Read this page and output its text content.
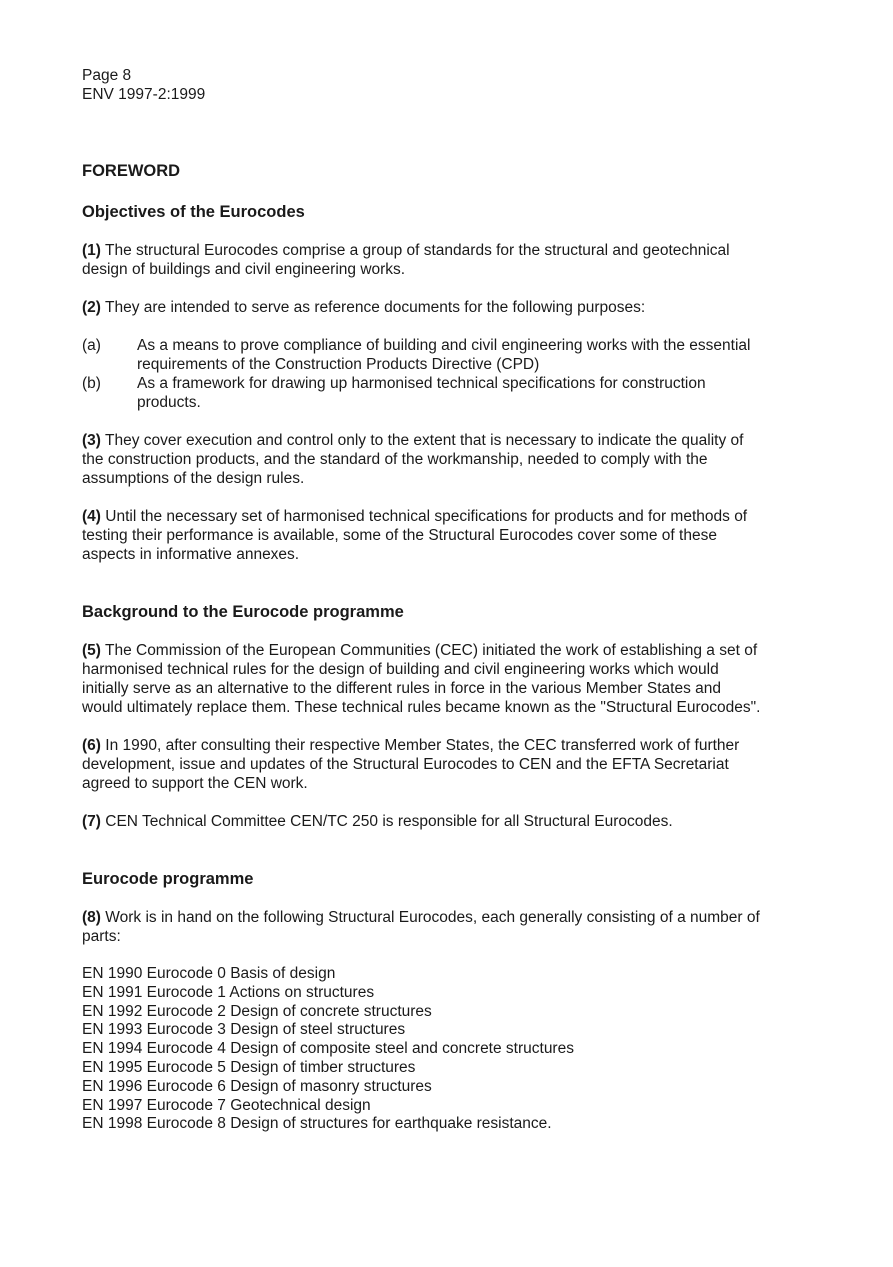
Page 8
ENV 1997-2:1999
FOREWORD
Objectives of the Eurocodes

(1) The structural Eurocodes comprise a group of standards for the structural and geotechnical design of buildings and civil engineering works.

(2) They are intended to serve as reference documents for the following purposes:

(a)	As a means to prove compliance of building and civil engineering works with the essential requirements of the Construction Products Directive (CPD)
(b)	As a framework for drawing up harmonised technical specifications for construction products.

(3) They cover execution and control only to the extent that is necessary to indicate the quality of the construction products, and the standard of the workmanship, needed to comply with the assumptions of the design rules.

(4) Until the necessary set of harmonised technical specifications for products and for methods of testing their performance is available, some of the Structural Eurocodes cover some of these aspects in informative annexes.

Background to the Eurocode programme

(5) The Commission of the European Communities (CEC) initiated the work of establishing a set of harmonised technical rules for the design of building and civil engineering works which would initially serve as an alternative to the different rules in force in the various Member States and would ultimately replace them. These technical rules became known as the "Structural Eurocodes".

(6) In 1990, after consulting their respective Member States, the CEC transferred work of further development, issue and updates of the Structural Eurocodes to CEN and the EFTA Secretariat agreed to support the CEN work.

(7) CEN Technical Committee CEN/TC 250 is responsible for all Structural Eurocodes.

Eurocode programme

(8) Work is in hand on the following Structural Eurocodes, each generally consisting of a number of parts:

EN 1990 Eurocode 0 Basis of design
EN 1991 Eurocode 1 Actions on structures
EN 1992 Eurocode 2 Design of concrete structures
EN 1993 Eurocode 3 Design of steel structures
EN 1994 Eurocode 4 Design of composite steel and concrete structures
EN 1995 Eurocode 5 Design of timber structures
EN 1996 Eurocode 6 Design of masonry structures
EN 1997 Eurocode 7 Geotechnical design
EN 1998 Eurocode 8 Design of structures for earthquake resistance.
